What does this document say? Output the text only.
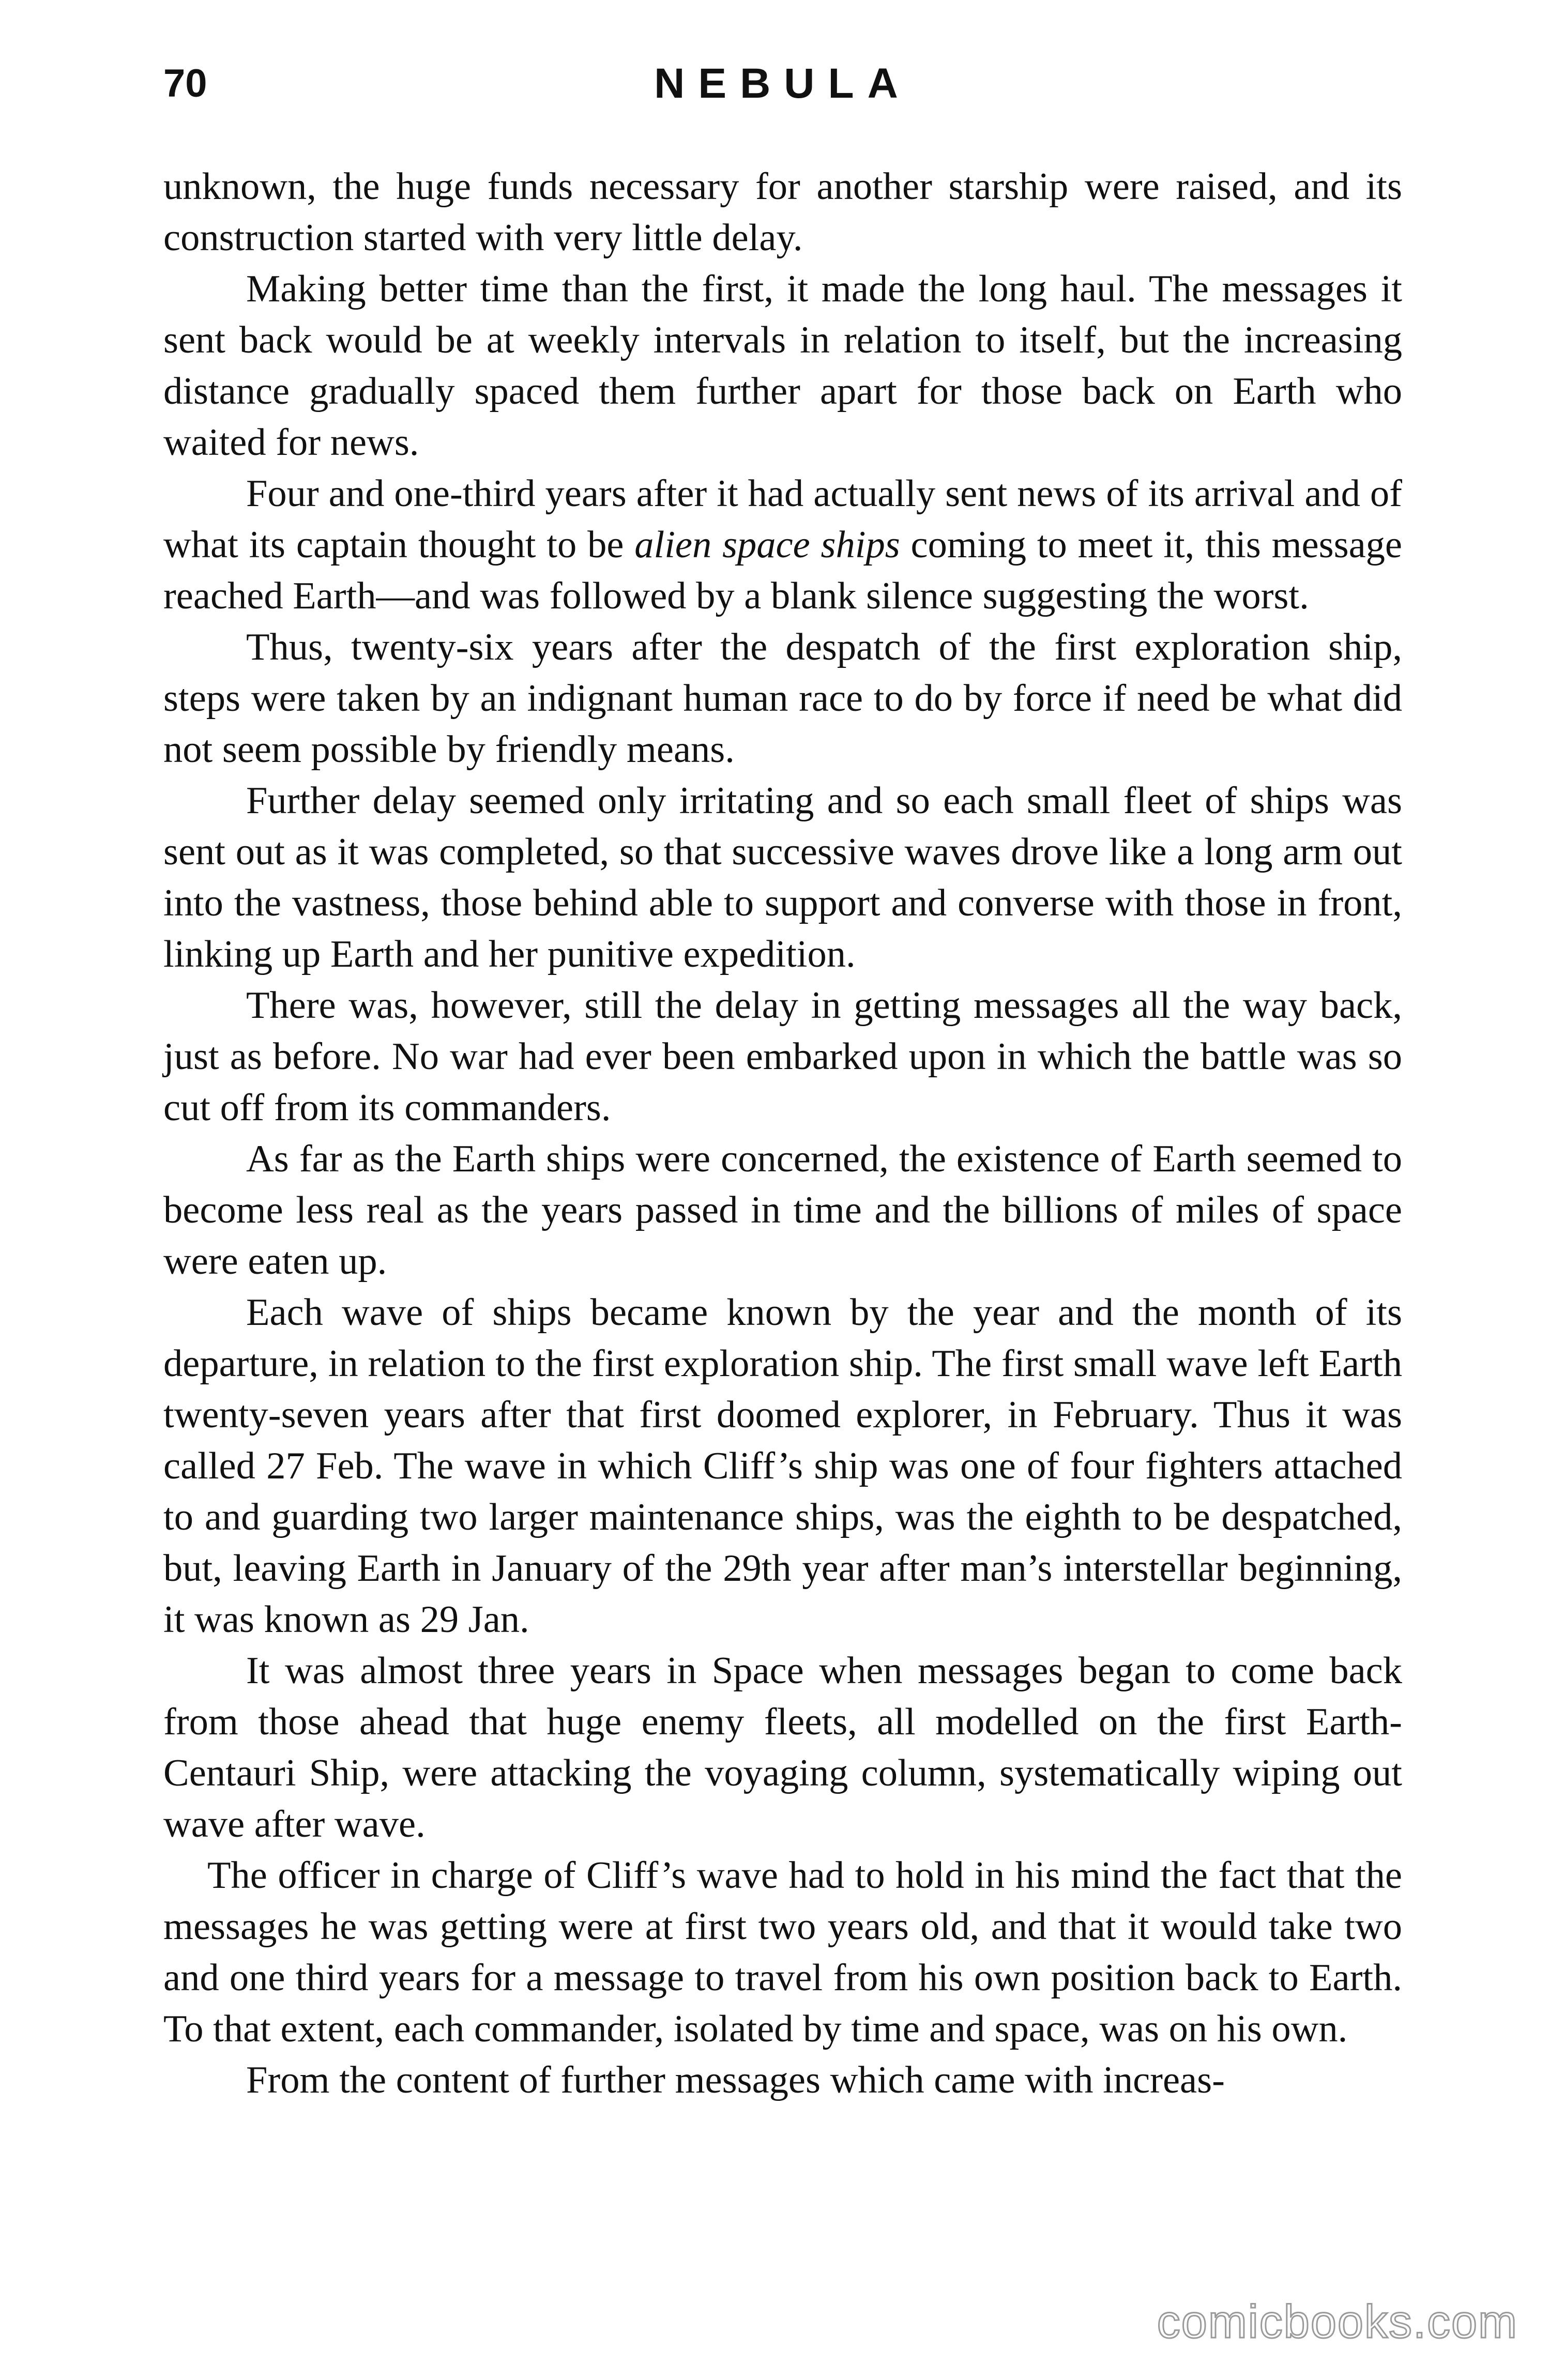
70	NEBULA

unknown, the huge funds necessary for another starship were raised, and its construction started with very little delay.

Making better time than the first, it made the long haul. The messages it sent back would be at weekly intervals in relation to itself, but the increasing distance gradually spaced them further apart for those back on Earth who waited for news.

Four and one-third years after it had actually sent news of its arrival and of what its captain thought to be alien space ships coming to meet it, this message reached Earth—and was followed by a blank silence suggesting the worst.

Thus, twenty-six years after the despatch of the first exploration ship, steps were taken by an indignant human race to do by force if need be what did not seem possible by friendly means.

Further delay seemed only irritating and so each small fleet of ships was sent out as it was completed, so that successive waves drove like a long arm out into the vastness, those behind able to support and converse with those in front, linking up Earth and her punitive expedition.

There was, however, still the delay in getting messages all the way back, just as before. No war had ever been embarked upon in which the battle was so cut off from its commanders.

As far as the Earth ships were concerned, the existence of Earth seemed to become less real as the years passed in time and the billions of miles of space were eaten up.

Each wave of ships became known by the year and the month of its departure, in relation to the first exploration ship. The first small wave left Earth twenty-seven years after that first doomed explorer, in February. Thus it was called 27 Feb. The wave in which Cliff’s ship was one of four fighters attached to and guarding two larger maintenance ships, was the eighth to be despatched, but, leaving Earth in January of the 29th year after man’s interstellar beginning, it was known as 29 Jan.

It was almost three years in Space when messages began to come back from those ahead that huge enemy fleets, all modelled on the first Earth-Centauri Ship, were attacking the voyaging column, systematically wiping out wave after wave.

The officer in charge of Cliff’s wave had to hold in his mind the fact that the messages he was getting were at first two years old, and that it would take two and one third years for a message to travel from his own position back to Earth. To that extent, each commander, isolated by time and space, was on his own.

From the content of further messages which came with increas-

comicbooks.com
